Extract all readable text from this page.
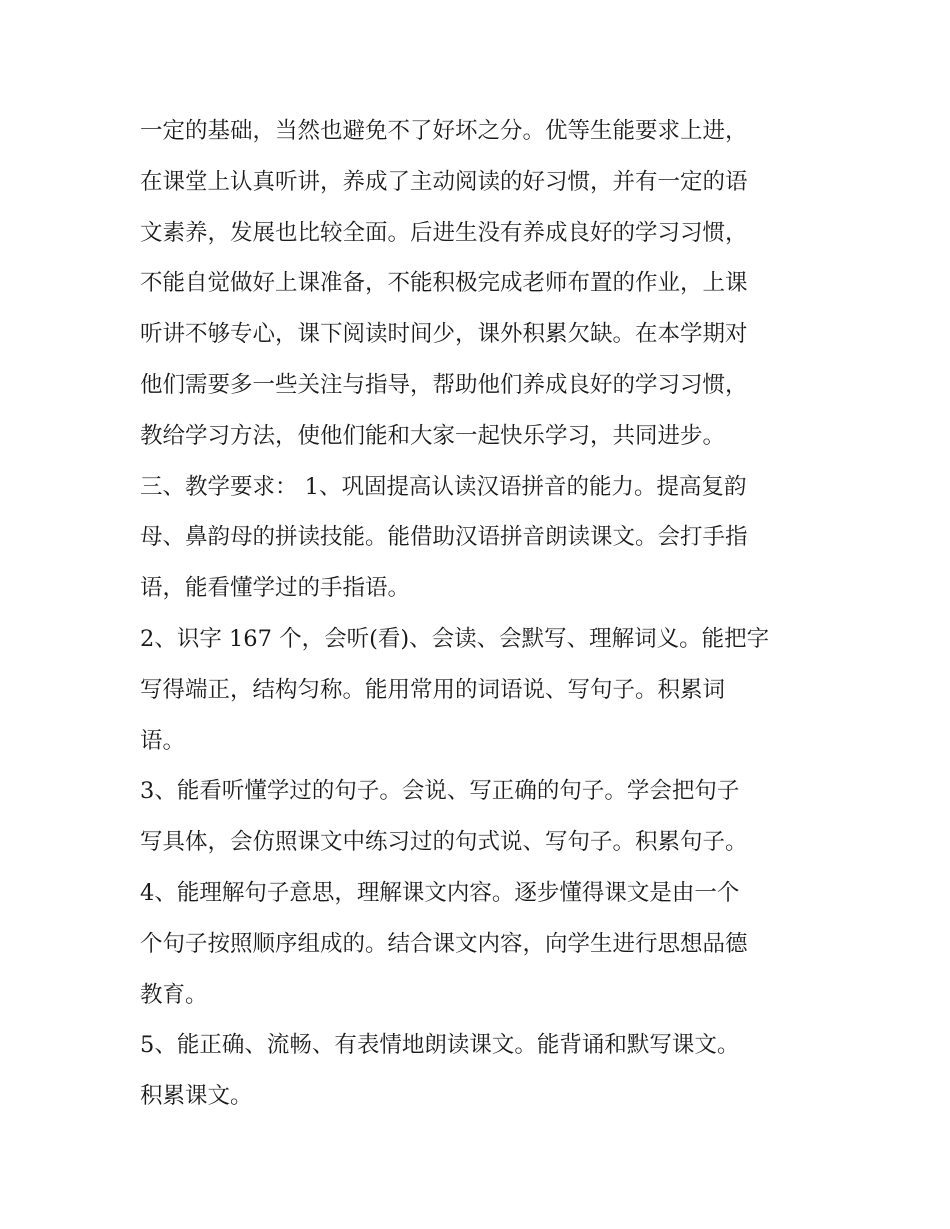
一定的基础，当然也避免不了好坏之分。优等生能要求上进，
在课堂上认真听讲，养成了主动阅读的好习惯，并有一定的语
文素养，发展也比较全面。后进生没有养成良好的学习习惯，
不能自觉做好上课准备，不能积极完成老师布置的作业，上课
听讲不够专心，课下阅读时间少，课外积累欠缺。在本学期对
他们需要多一些关注与指导，帮助他们养成良好的学习习惯，
教给学习方法，使他们能和大家一起快乐学习，共同进步。
三、教学要求： 1、巩固提高认读汉语拼音的能力。提高复韵
母、鼻韵母的拼读技能。能借助汉语拼音朗读课文。会打手指
语，能看懂学过的手指语。
2、识字 167 个，会听(看)、会读、会默写、理解词义。能把字
写得端正，结构匀称。能用常用的词语说、写句子。积累词
语。
3、能看听懂学过的句子。会说、写正确的句子。学会把句子
写具体，会仿照课文中练习过的句式说、写句子。积累句子。
4、能理解句子意思，理解课文内容。逐步懂得课文是由一个
个句子按照顺序组成的。结合课文内容，向学生进行思想品德
教育。
5、能正确、流畅、有表情地朗读课文。能背诵和默写课文。
积累课文。
